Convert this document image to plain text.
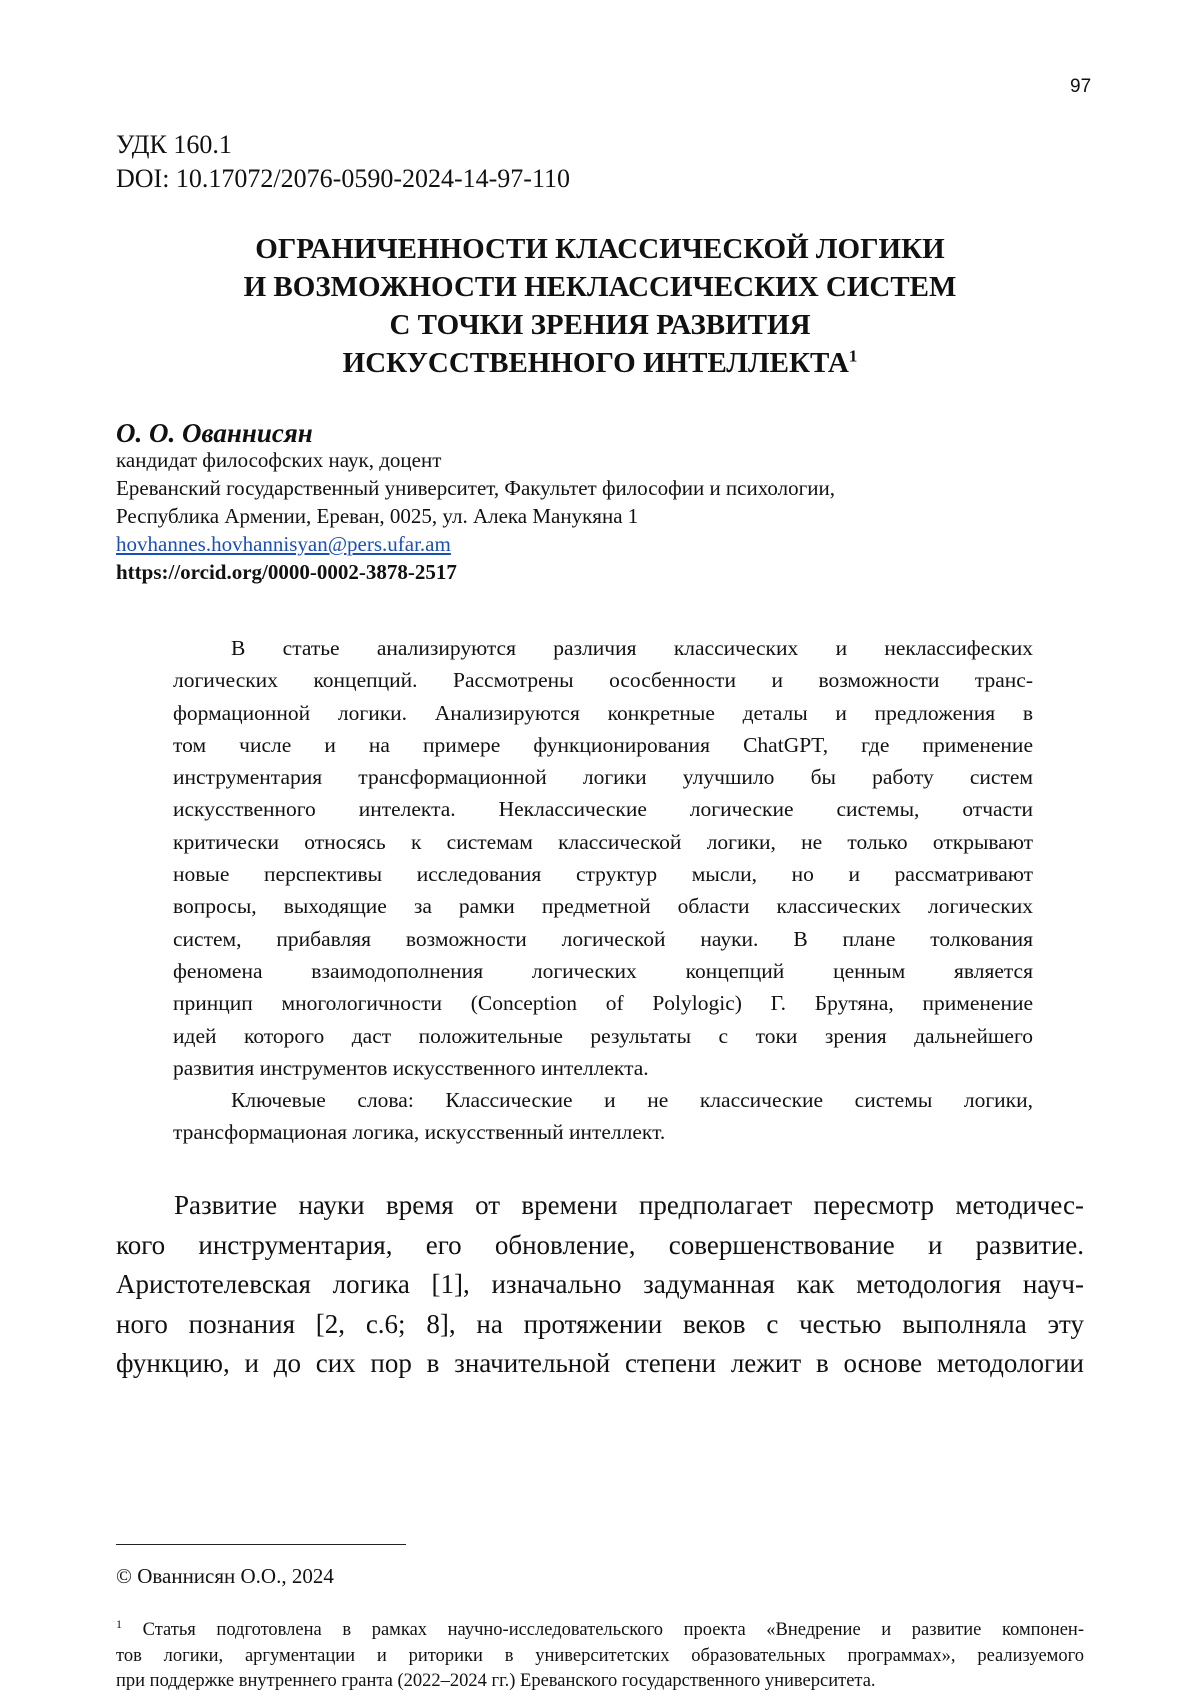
97
УДК 160.1
DOI: 10.17072/2076-0590-2024-14-97-110
ОГРАНИЧЕННОСТИ КЛАССИЧЕСКОЙ ЛОГИКИ
И ВОЗМОЖНОСТИ НЕКЛАССИЧЕСКИХ СИСТЕМ
С ТОЧКИ ЗРЕНИЯ РАЗВИТИЯ
ИСКУССТВЕННОГО ИНТЕЛЛЕКТА$^1$
О. О. Ованнисян
кандидат философских наук, доцент
Ереванский государственный университет, Факультет философии и психологии,
Республика Армении, Ереван, 0025, ул. Алека Манукяна 1
hovhannes.hovhannisyan@pers.ufar.am
https://orcid.org/0000-0002-3878-2517
В статье анализируются различия классических и неклассифеских
логических концепций. Рассмотрены ососбенности и возможности транс-
формационной логики. Анализируются конкретные деталы и предложения в
том числе и на примере функционирования ChatGPT, где применение
инструментария трансформационной логики улучшило бы работу систем
искусственного интелекта. Неклассические логические системы, отчасти
критически относясь к системам классической логики, не только открывают
новые перспективы исследования структур мысли, но и рассматривают
вопросы, выходящие за рамки предметной области классических логических
систем, прибавляя возможности логической науки. В плане толкования
феномена взаимодополнения логических концепций ценным является
принцип многологичности (Conception of Polylogic) Г. Брутяна, применение
идей которого даст положительные результаты с токи зрения дальнейшего
развития инструментов искусственного интеллекта.
Ключевые слова: Классические и не классические системы логики,
трансформационая логика, искусственный интеллект.
Развитие науки время от времени предполагает пересмотр методичес-
кого инструментария, его обновление, совершенствование и развитие.
Аристотелевская логика [1], изначально задуманная как методология науч-
ного познания [2, с.6; 8], на протяжении веков с честью выполняла эту
функцию, и до сих пор в значительной степени лежит в основе методологии
© Ованнисян О.О., 2024
$^1$ Статья подготовлена в рамках научно-исследовательского проекта «Внедрение и развитие компонен-
тов логики, аргументации и риторики в университетских образовательных программах», реализуемого
при поддержке внутреннего гранта (2022–2024 гг.) Ереванского государственного университета.
